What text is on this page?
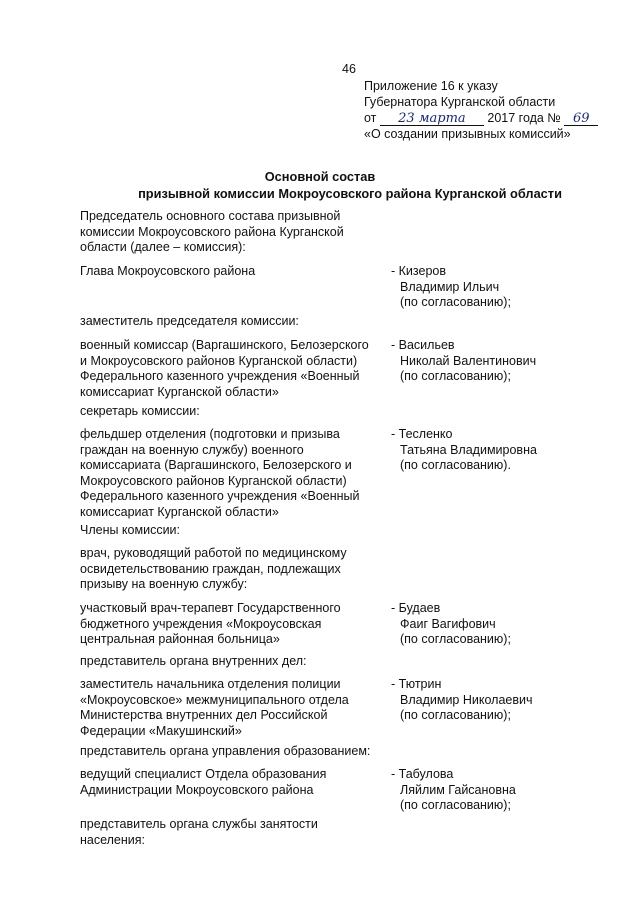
46
Приложение 16 к указу
Губернатора Курганской области
от 23 марта 2017 года № 69
«О создании призывных комиссий»
Основной состав
призывной комиссии Мокроусовского района Курганской области
Председатель основного состава призывной
комиссии Мокроусовского района Курганской
области (далее – комиссия):
Глава Мокроусовского района	- Кизеров
Владимир Ильич
(по согласованию);
заместитель председателя комиссии:
военный комиссар (Варгашинского, Белозерского
и Мокроусовского районов Курганской области)
Федерального казенного учреждения «Военный
комиссариат Курганской области»
- Васильев
Николай Валентинович
(по согласованию);
секретарь комиссии:
фельдшер отделения (подготовки и призыва
граждан на военную службу) военного
комиссариата (Варгашинского, Белозерского и
Мокроусовского районов Курганской области)
Федерального казенного учреждения «Военный
комиссариат Курганской области»
- Тесленко
Татьяна Владимировна
(по согласованию).
Члены комиссии:
врач, руководящий работой по медицинскому
освидетельствованию граждан, подлежащих
призыву на военную службу:
участковый врач-терапевт Государственного
бюджетного учреждения «Мокроусовская
центральная районная больница»
- Будаев
Фаиг Вагифович
(по согласованию);
представитель органа внутренних дел:
заместитель начальника отделения полиции
«Мокроусовское» межмуниципального отдела
Министерства внутренних дел Российской
Федерации «Макушинский»
- Тютрин
Владимир Николаевич
(по согласованию);
представитель органа управления образованием:
ведущий специалист Отдела образования
Администрации Мокроусовского района
- Табулова
Ляйлим Гайсановна
(по согласованию);
представитель органа службы занятости
населения:
